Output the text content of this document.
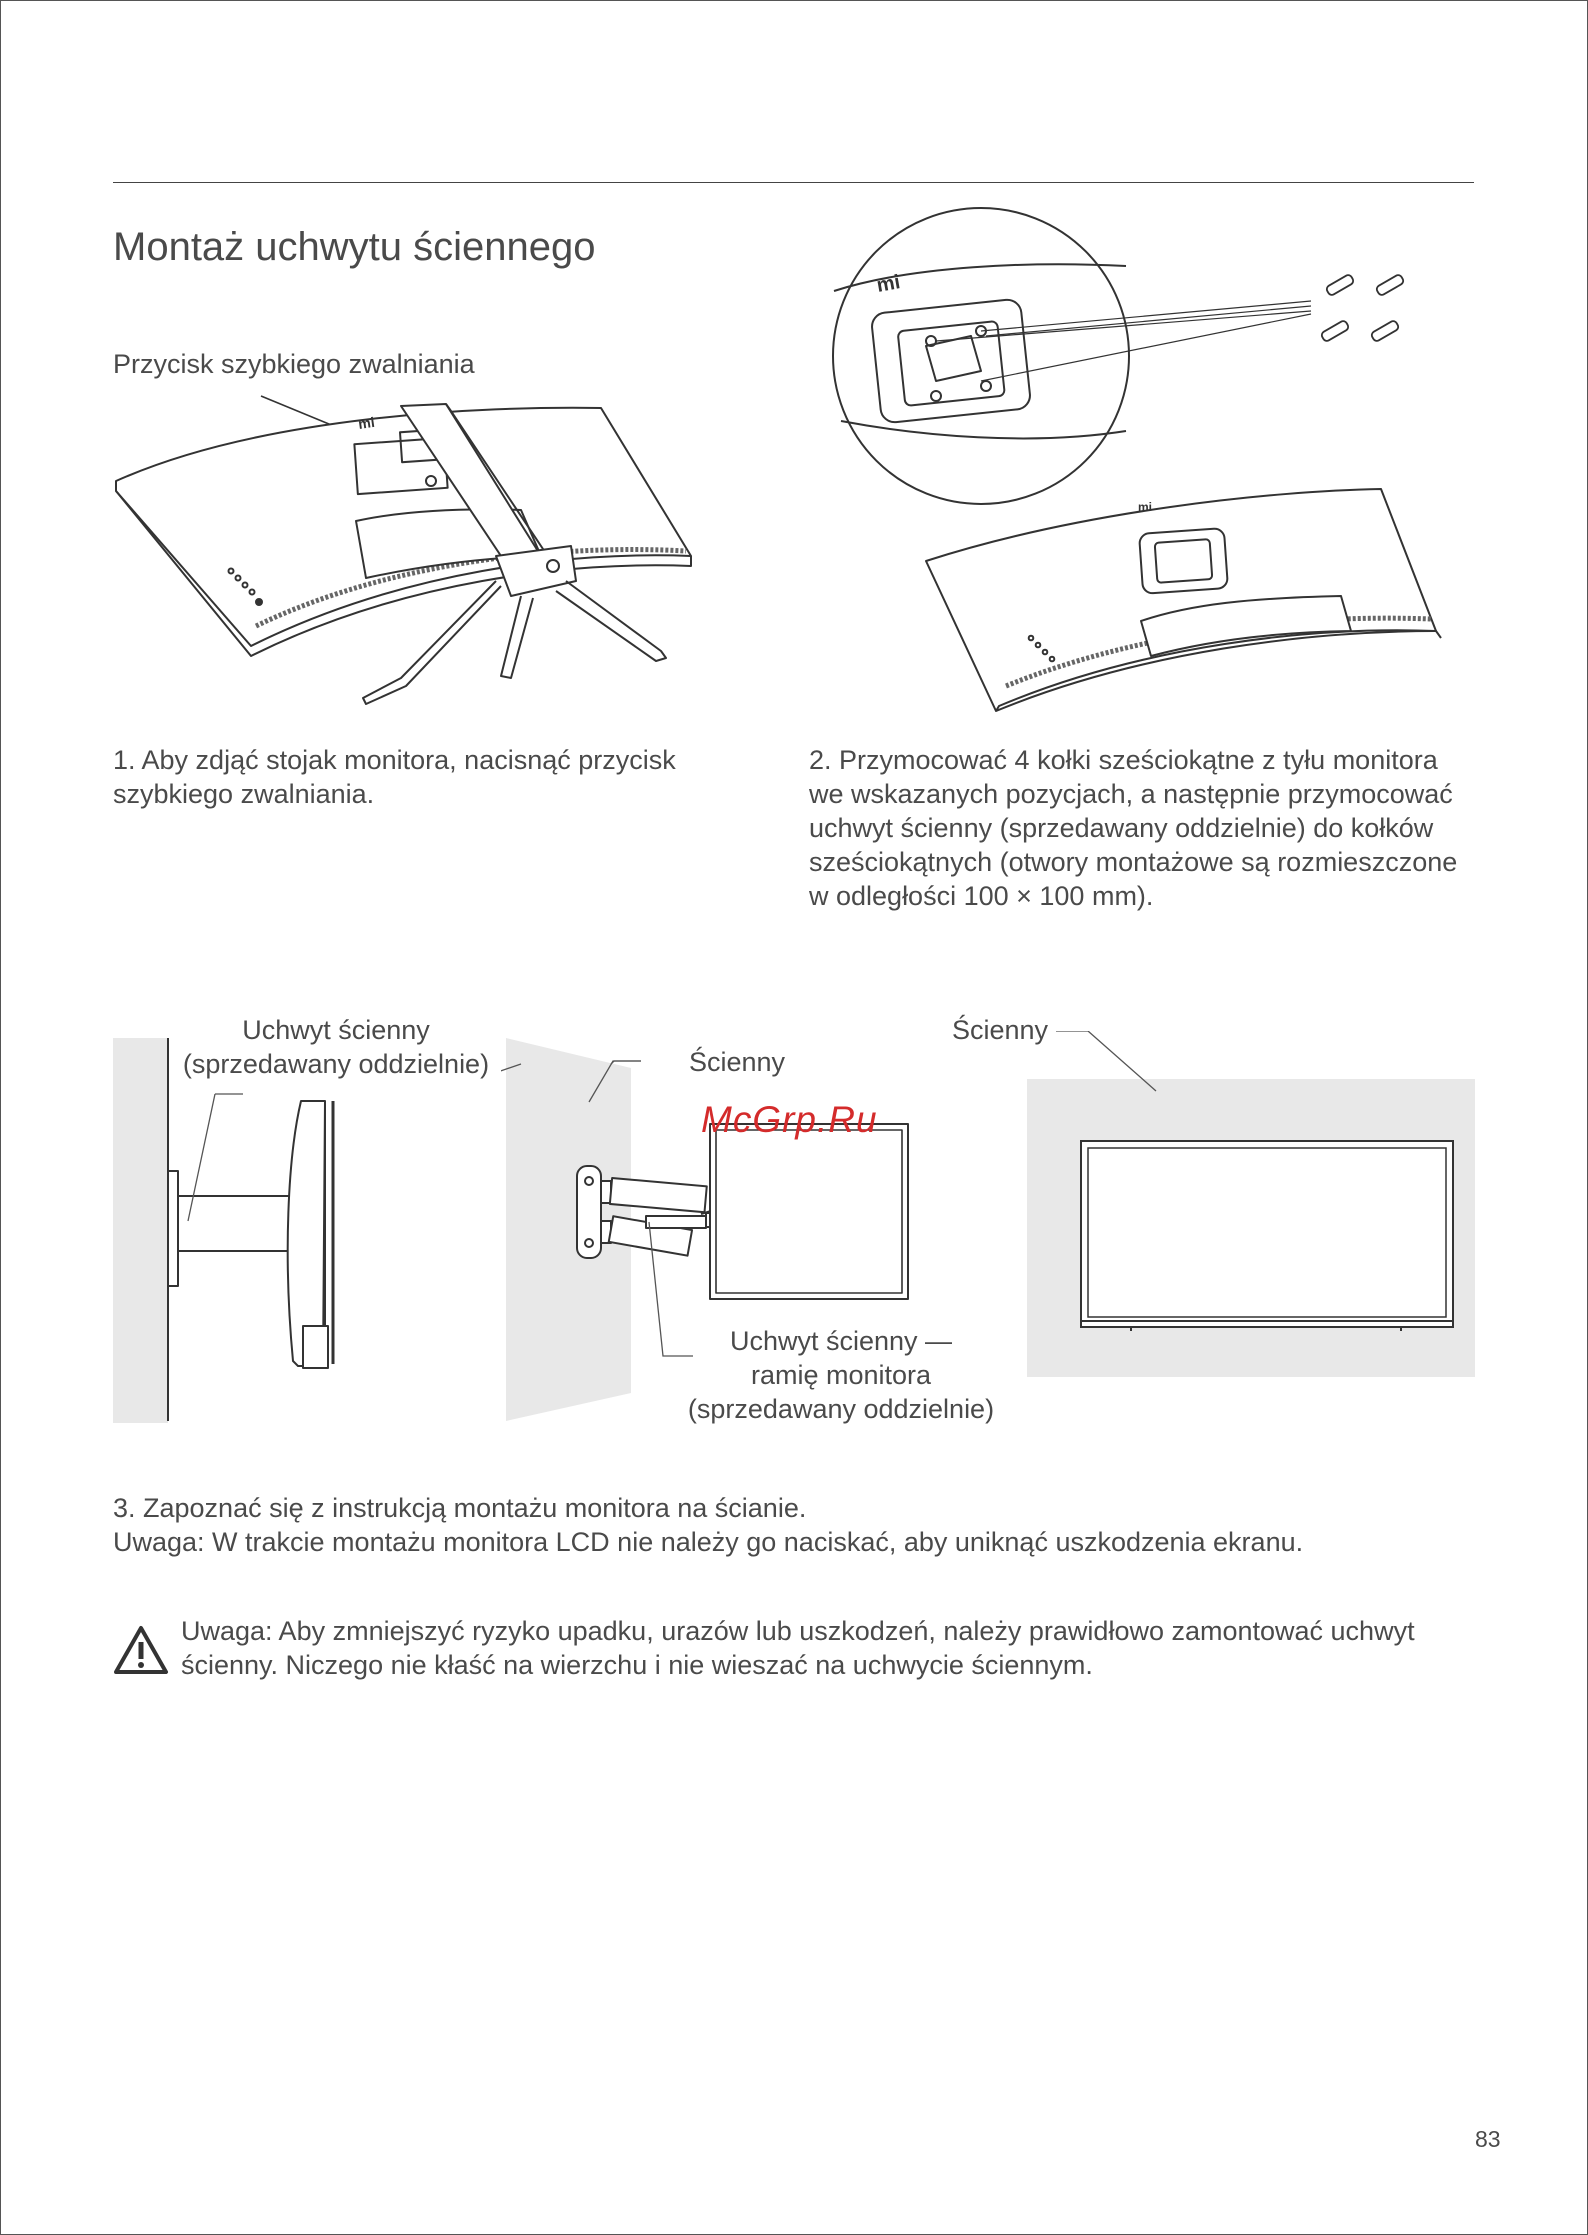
Montaż uchwytu ściennego
Przycisk szybkiego zwalniania
mi
mi
mi
1. Aby zdjąć stojak monitora, nacisnąć przycisk
szybkiego zwalniania.
2. Przymocować 4 kołki sześciokątne z tyłu monitora
we wskazanych pozycjach, a następnie przymocować
uchwyt ścienny (sprzedawany oddzielnie) do kołków
sześciokątnych (otwory montażowe są rozmieszczone
w odległości 100 × 100 mm).
Uchwyt ścienny
(sprzedawany oddzielnie)	Ścienny
Uchwyt ścienny —
ramię monitora
(sprzedawany oddzielnie)
Ścienny
McGrp.Ru
3. Zapoznać się z instrukcją montażu monitora na ścianie.
Uwaga: W trakcie montażu monitora LCD nie należy go naciskać, aby uniknąć uszkodzenia ekranu.
Uwaga: Aby zmniejszyć ryzyko upadku, urazów lub uszkodzeń, należy prawidłowo zamontować uchwyt
ścienny. Niczego nie kłaść na wierzchu i nie wieszać na uchwycie ściennym.
83
